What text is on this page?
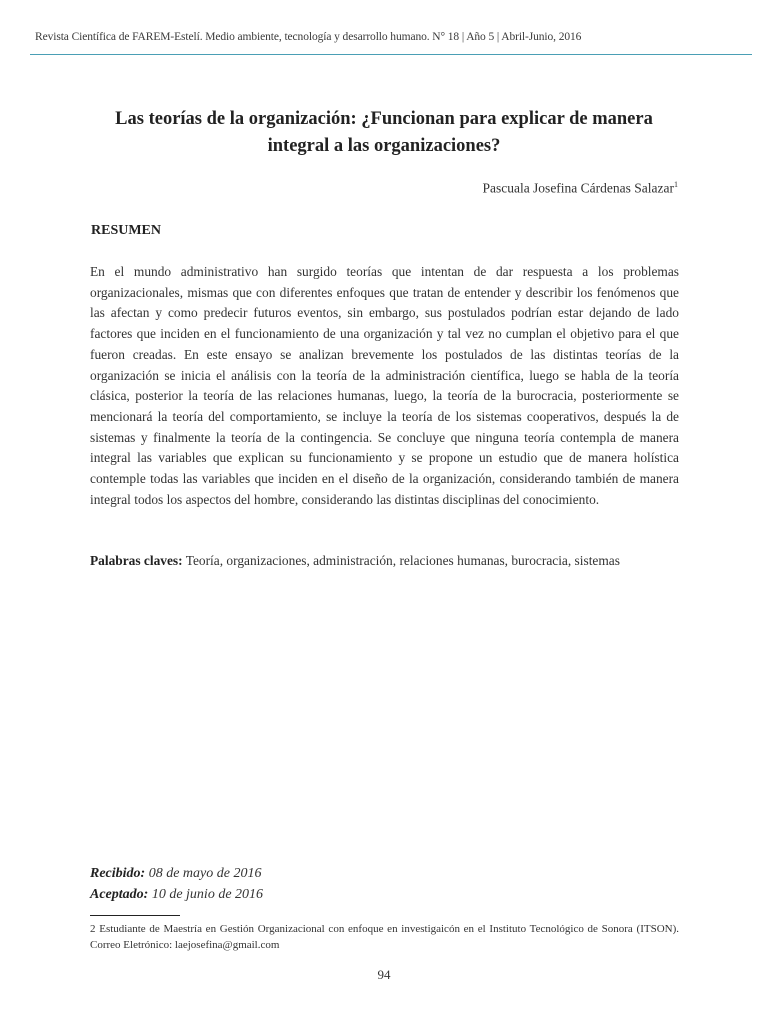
Revista Científica de FAREM-Estelí. Medio ambiente, tecnología y desarrollo humano. N° 18 | Año 5 | Abril-Junio, 2016
Las teorías de la organización: ¿Funcionan para explicar de manera
integral a las organizaciones?
Pascuala Josefina Cárdenas Salazar$^1$
RESUMEN

En el mundo administrativo han surgido teorías que intentan de dar respuesta a los problemas organizacionales, mismas que con diferentes enfoques que tratan de entender y describir los fenómenos que las afectan y como predecir futuros eventos, sin embargo, sus postulados podrían estar dejando de lado factores que inciden en el funcionamiento de una organización y tal vez no cumplan el objetivo para el que fueron creadas. En este ensayo se analizan brevemente los postulados de las distintas teorías de la organización se inicia el análisis con la teoría de la administración científica, luego se habla de la teoría clásica, posterior la teoría de las relaciones humanas, luego, la teoría de la burocracia, posteriormente se mencionará la teoría del comportamiento, se incluye la teoría de los sistemas cooperativos, después la de sistemas y finalmente la teoría de la contingencia. Se concluye que ninguna teoría contempla de manera integral las variables que explican su funcionamiento y se propone un estudio que de manera holística contemple todas las variables que inciden en el diseño de la organización, considerando también de manera integral todos los aspectos del hombre, considerando las distintas disciplinas del conocimiento.

Palabras claves: Teoría, organizaciones, administración, relaciones humanas, burocracia, sistemas
Recibido: 08 de mayo de 2016
Aceptado: 10 de junio de 2016
2 Estudiante de Maestría en Gestión Organizacional con enfoque en investigaicón en el Instituto Tecnológico de Sonora (ITSON). Correo Eletrónico: laejosefina@gmail.com
94
